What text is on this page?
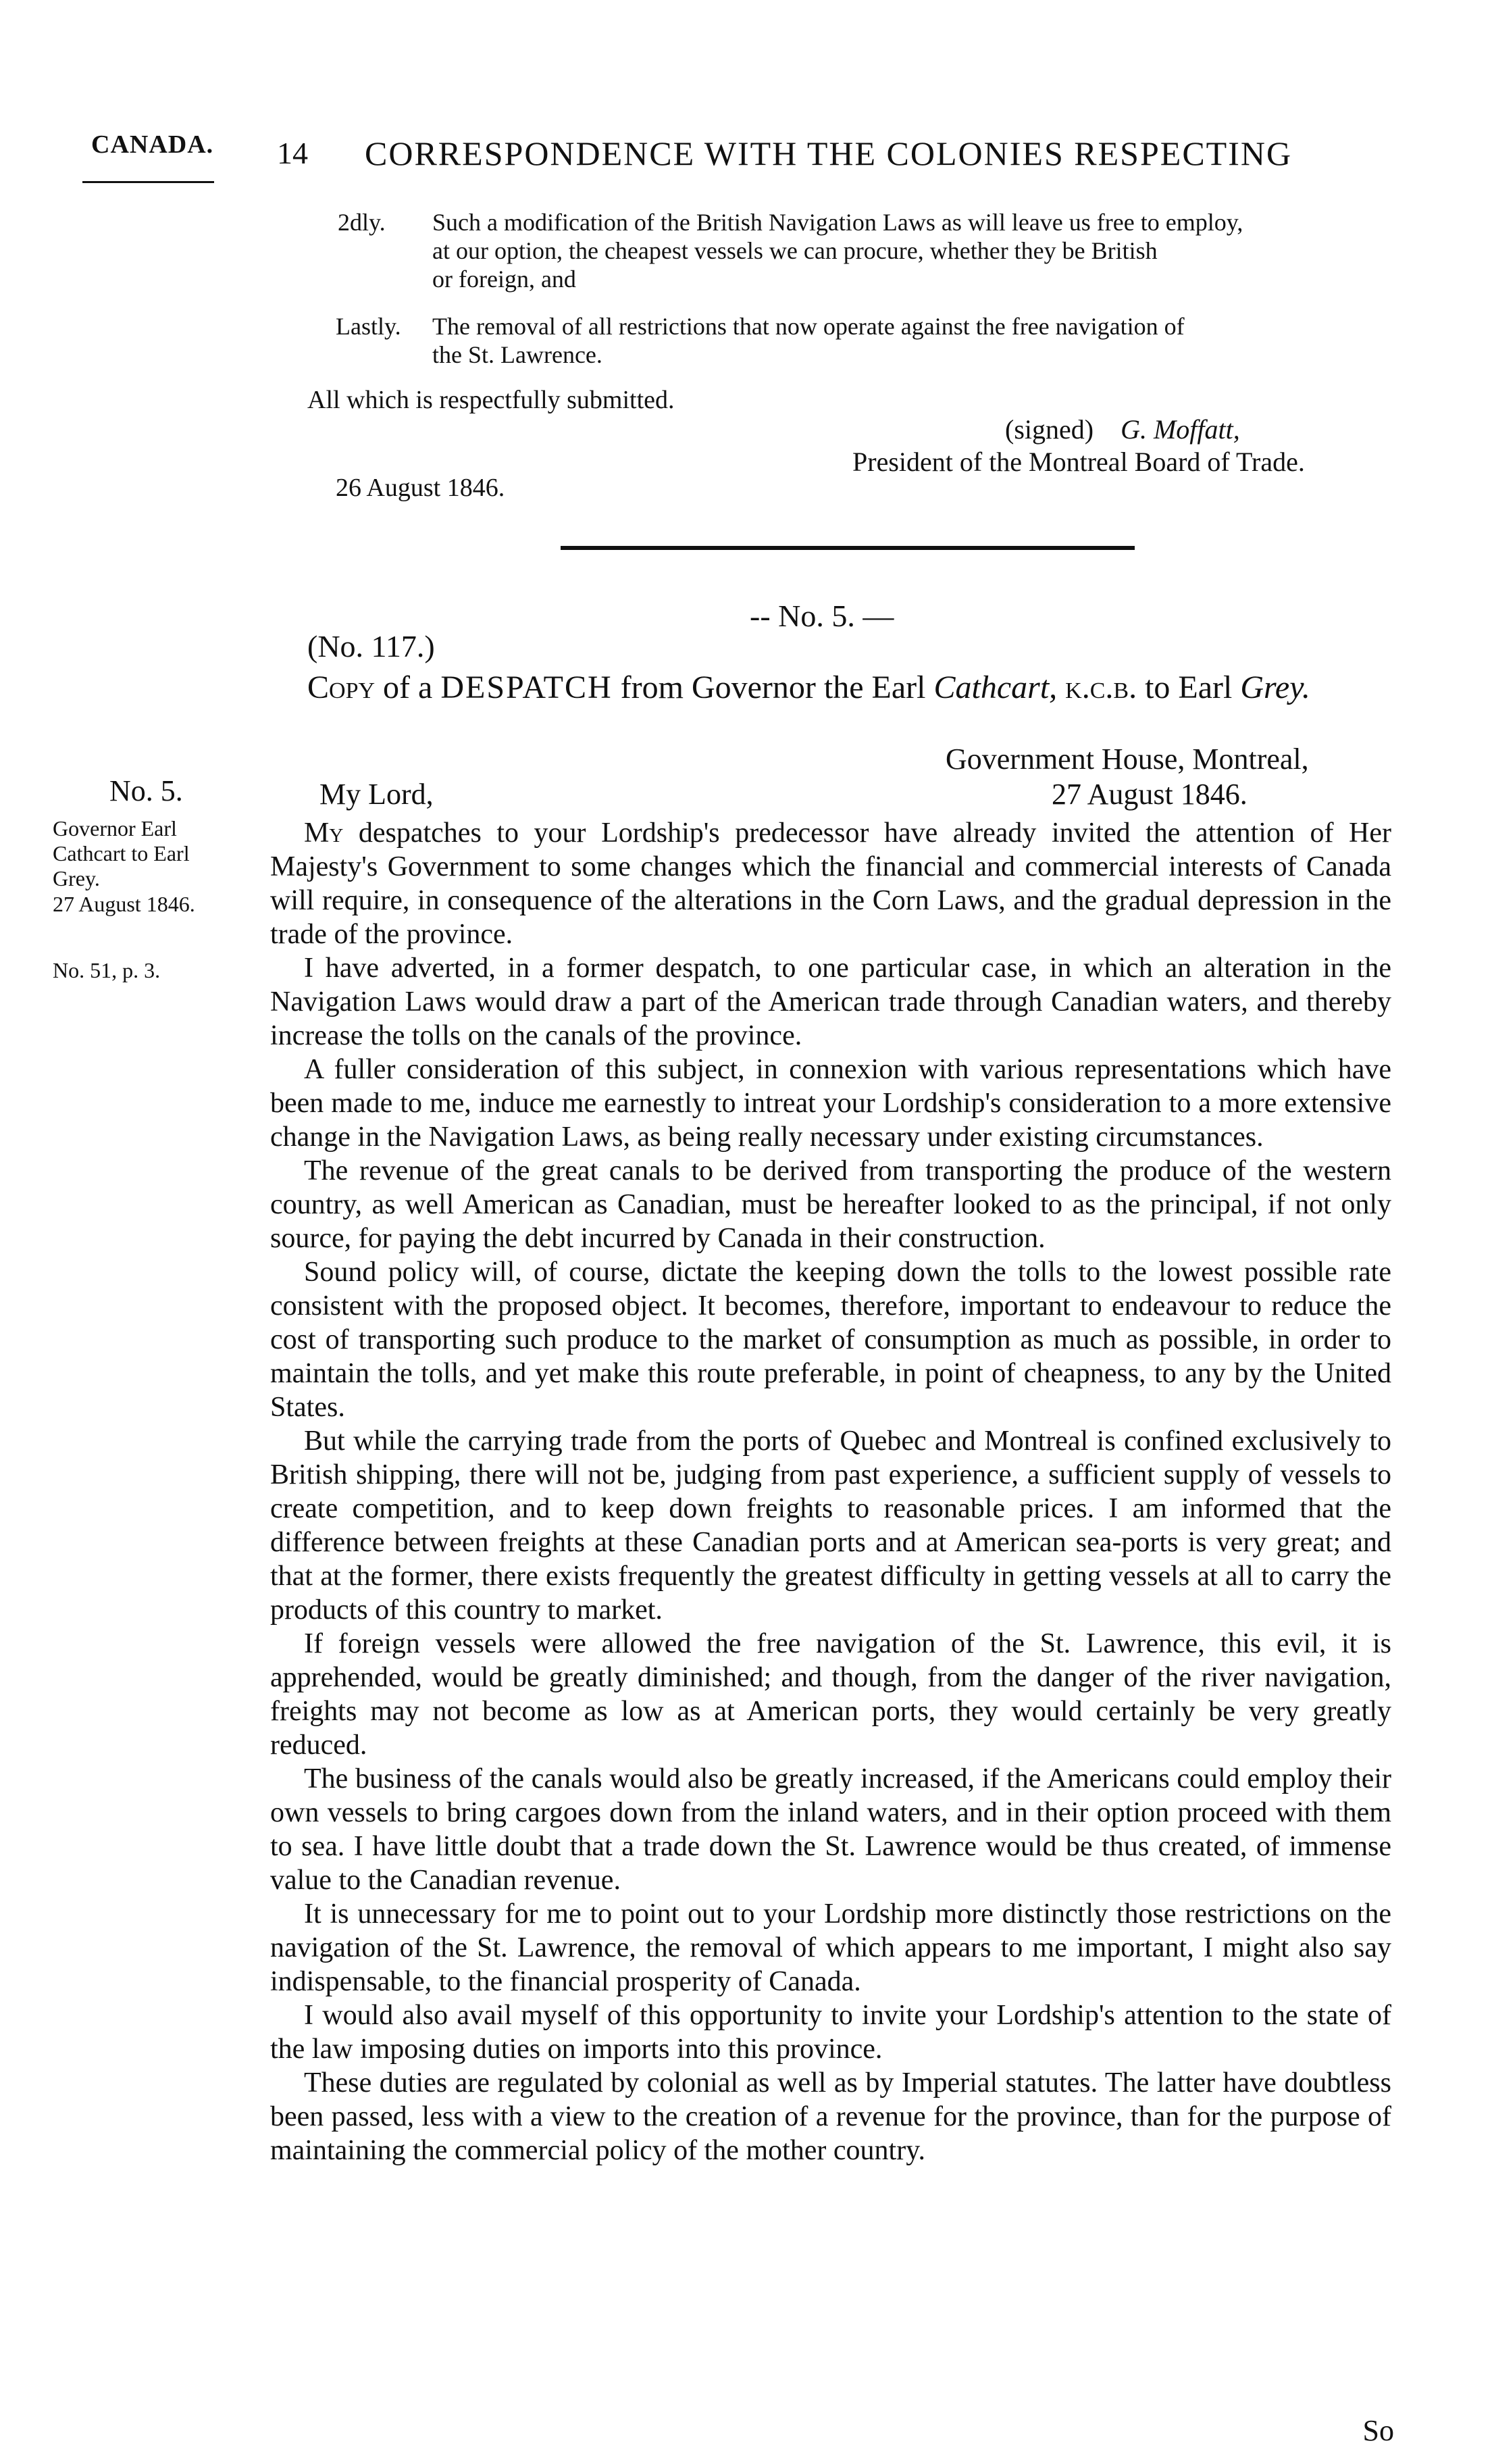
CANADA. 14 CORRESPONDENCE WITH THE COLONIES RESPECTING
2dly. Such a modification of the British Navigation Laws as will leave us free to employ,
at our option, the cheapest vessels we can procure, whether they be British
or foreign, and
Lastly. The removal of all restrictions that now operate against the free navigation of
the St. Lawrence.
All which is respectfully submitted.
(signed) G. Moffatt,
President of the Montreal Board of Trade.
26 August 1846.
-- No. 5. —
(No. 117.)
Copy of a DESPATCH from Governor the Earl Cathcart, k.c.b. to Earl Grey.
Government House, Montreal,
My Lord,	27 August 1846.
No. 5.
Governor Earl
Cathcart to Earl
Grey.
27 August 1846.
No. 51, p. 3.

My despatches to your Lordship's predecessor have already invited the attention of Her Majesty's Government to some changes which the financial and commercial interests of Canada will require, in consequence of the alterations in the Corn Laws, and the gradual depression in the trade of the province.

I have adverted, in a former despatch, to one particular case, in which an alteration in the Navigation Laws would draw a part of the American trade through Canadian waters, and thereby increase the tolls on the canals of the province.

A fuller consideration of this subject, in connexion with various representations which have been made to me, induce me earnestly to intreat your Lordship's consideration to a more extensive change in the Navigation Laws, as being really necessary under existing circumstances.

The revenue of the great canals to be derived from transporting the produce of the western country, as well American as Canadian, must be hereafter looked to as the principal, if not only source, for paying the debt incurred by Canada in their construction.

Sound policy will, of course, dictate the keeping down the tolls to the lowest possible rate consistent with the proposed object. It becomes, therefore, important to endeavour to reduce the cost of transporting such produce to the market of consumption as much as possible, in order to maintain the tolls, and yet make this route preferable, in point of cheapness, to any by the United States.

But while the carrying trade from the ports of Quebec and Montreal is confined exclusively to British shipping, there will not be, judging from past experience, a sufficient supply of vessels to create competition, and to keep down freights to reasonable prices. I am informed that the difference between freights at these Canadian ports and at American sea-ports is very great; and that at the former, there exists frequently the greatest difficulty in getting vessels at all to carry the products of this country to market.

If foreign vessels were allowed the free navigation of the St. Lawrence, this evil, it is apprehended, would be greatly diminished; and though, from the danger of the river navigation, freights may not become as low as at American ports, they would certainly be very greatly reduced.

The business of the canals would also be greatly increased, if the Americans could employ their own vessels to bring cargoes down from the inland waters, and in their option proceed with them to sea. I have little doubt that a trade down the St. Lawrence would be thus created, of immense value to the Canadian revenue.

It is unnecessary for me to point out to your Lordship more distinctly those restrictions on the navigation of the St. Lawrence, the removal of which appears to me important, I might also say indispensable, to the financial prosperity of Canada.

I would also avail myself of this opportunity to invite your Lordship's attention to the state of the law imposing duties on imports into this province.

These duties are regulated by colonial as well as by Imperial statutes. The latter have doubtless been passed, less with a view to the creation of a revenue for the province, than for the purpose of maintaining the commercial policy of the mother country.

So
